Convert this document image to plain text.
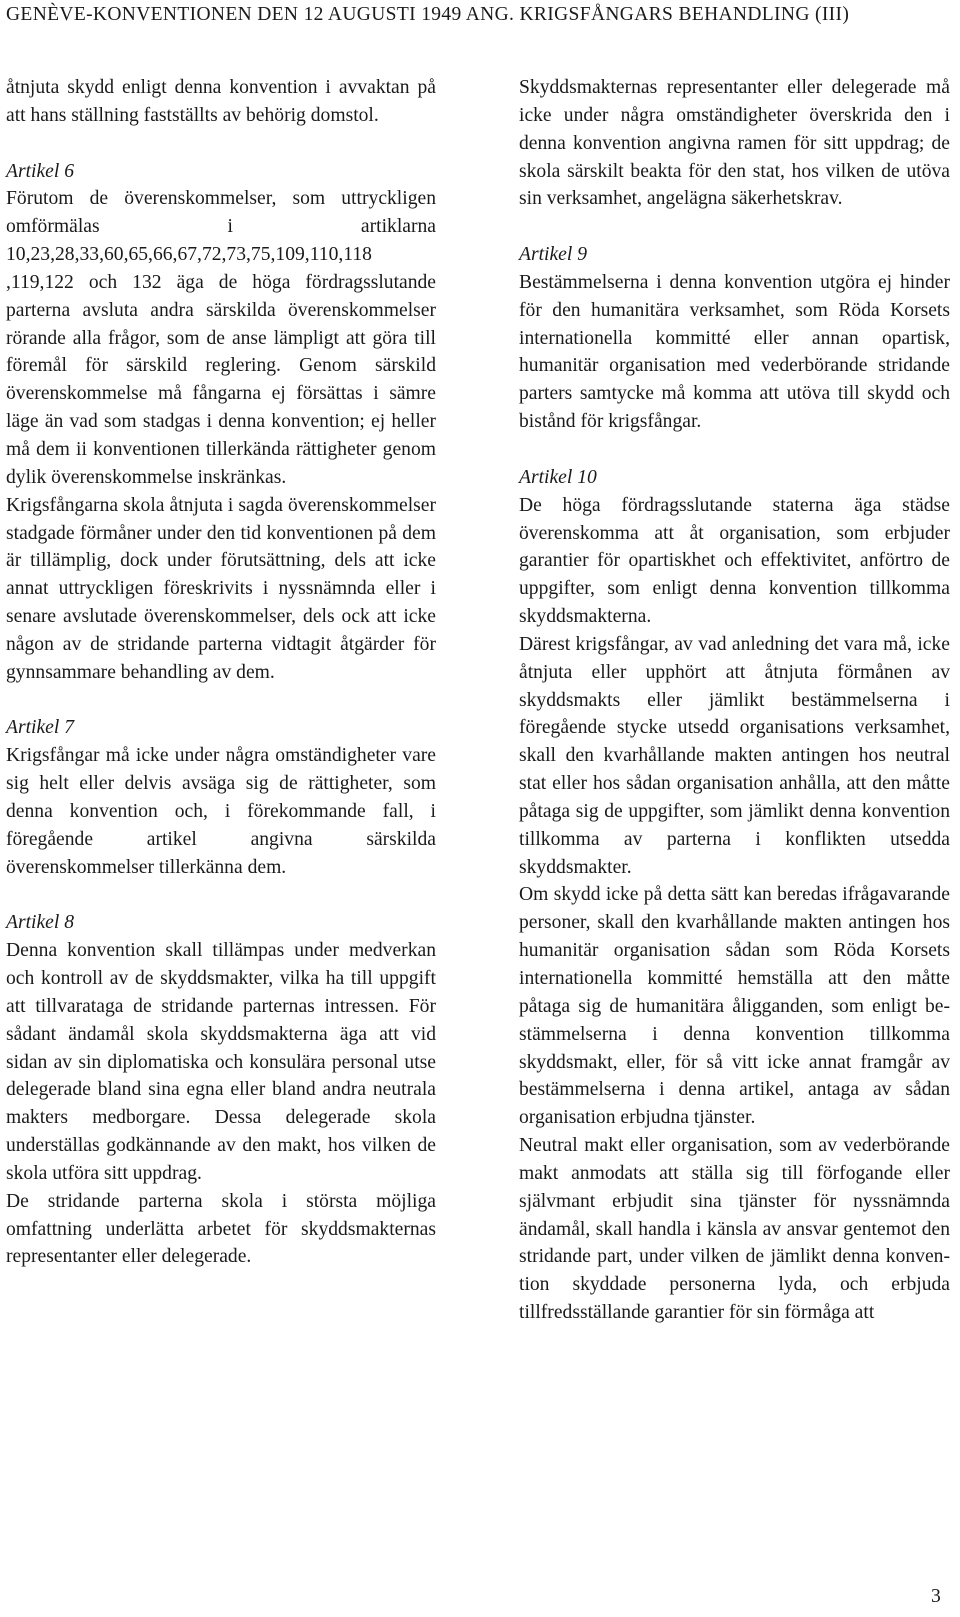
GENÈVE-KONVENTIONEN DEN 12 AUGUSTI 1949 ANG. KRIGSFÅNGARS BEHANDLING (III)

åtnjuta skydd enligt denna konvention i avvaktan på att hans ställning fastställts av behörig domstol.

Artikel 6

Förutom de överenskommelser, som uttryckligen omförmälas i artiklarna 10,23,28,33,60,65,66,67,72,73,75,109,110,118 ,119,122 och 132 äga de höga fördragsslutande parterna avsluta andra särskilda överenskommelser rörande alla frågor, som de anse lämpligt att göra till föremål för särskild reglering. Genom särskild överenskommelse må fångarna ej försättas i sämre läge än vad som stadgas i denna konvention; ej heller må dem ii konventionen tillerkända rättigheter genom dylik överenskommelse inskränkas.

Krigsfångarna skola åtnjuta i sagda överenskommelser stadgade förmåner under den tid konventionen på dem är tillämplig, dock under förutsättning, dels att icke annat uttryckligen föreskrivits i nyssnämnda eller i senare avslutade överenskommelser, dels ock att icke någon av de stridande parterna vidtagit åtgärder för gynnsammare behandling av dem.

Artikel 7

Krigsfångar må icke under några omständigheter vare sig helt eller delvis avsäga sig de rättigheter, som denna konvention och, i förekommande fall, i föregående artikel angivna särskilda överenskommelser tillerkänna dem.

Artikel 8

Denna konvention skall tillämpas under medverkan och kontroll av de skyddsmakter, vilka ha till uppgift att tillvaratagа de stridande parternas intressen. För sådant ändamål skola skyddsmakterna äga att vid sidan av sin diplomatiska och konsulära personal utse delegerade bland sina egna eller bland andra neutrala makters medborgare. Dessa delegerade skola underställas godkännande av den makt, hos vilken de skola utföra sitt uppdrag.

De stridande parterna skola i största möjliga omfattning underlätta arbetet för skyddsmakternas representanter eller delegerade.

Skyddsmakternas representanter eller delegerade må icke under några omständigheter överskrida den i denna konvention angivna ramen för sitt uppdrag; de skola särskilt beakta för den stat, hos vilken de utöva sin verksamhet, angelägna säkerhetskrav.

Artikel 9

Bestämmelserna i denna konvention utgöra ej hinder för den humanitära verksamhet, som Röda Korsets internationella kommitté eller annan opartisk, humanitär organisation med vederbörande stridande parters samtycke må komma att utöva till skydd och bistånd för krigsfångar.

Artikel 10

De höga fördragsslutande staterna äga städse överenskomma att åt organisation, som erbjuder garantier för opartiskhet och effektivitet, anförtro de uppgifter, som enligt denna konvention tillkomma skyddsmakterna.

Därest krigsfångar, av vad anledning det vara må, icke åtnjuta eller upphört att åtnjuta förmånen av skyddsmakts eller jämlikt bestämmelserna i föregående stycke utsedd organisations verksamhet, skall den kvarhållande makten antingen hos neutral stat eller hos sådan organisation anhålla, att den måtte påtaga sig de uppgifter, som jämlikt denna konvention tillkomma av parterna i konflikten utsedda skyddsmakter.

Om skydd icke på detta sätt kan beredas ifrågavarande personer, skall den kvarhållande makten antingen hos humanitär organisation sådan som Röda Korsets internationella kommitté hemställa att den måtte påtaga sig de humanitära åligganden, som enligt bestämmelserna i denna konvention tillkomma skyddsmakt, eller, för så vitt icke annat framgår av bestämmelserna i denna artikel, antaga av sådan organisation erbjudna tjänster.

Neutral makt eller organisation, som av vederbörande makt anmodats att ställa sig till förfogande eller självmant erbjudit sina tjänster för nyssnämnda ändamål, skall handla i känsla av ansvar gentemot den stridande part, under vilken de jämlikt denna konvention skyddade personerna lyda, och erbjuda tillfredsställande garantier för sin förmåga att

3
